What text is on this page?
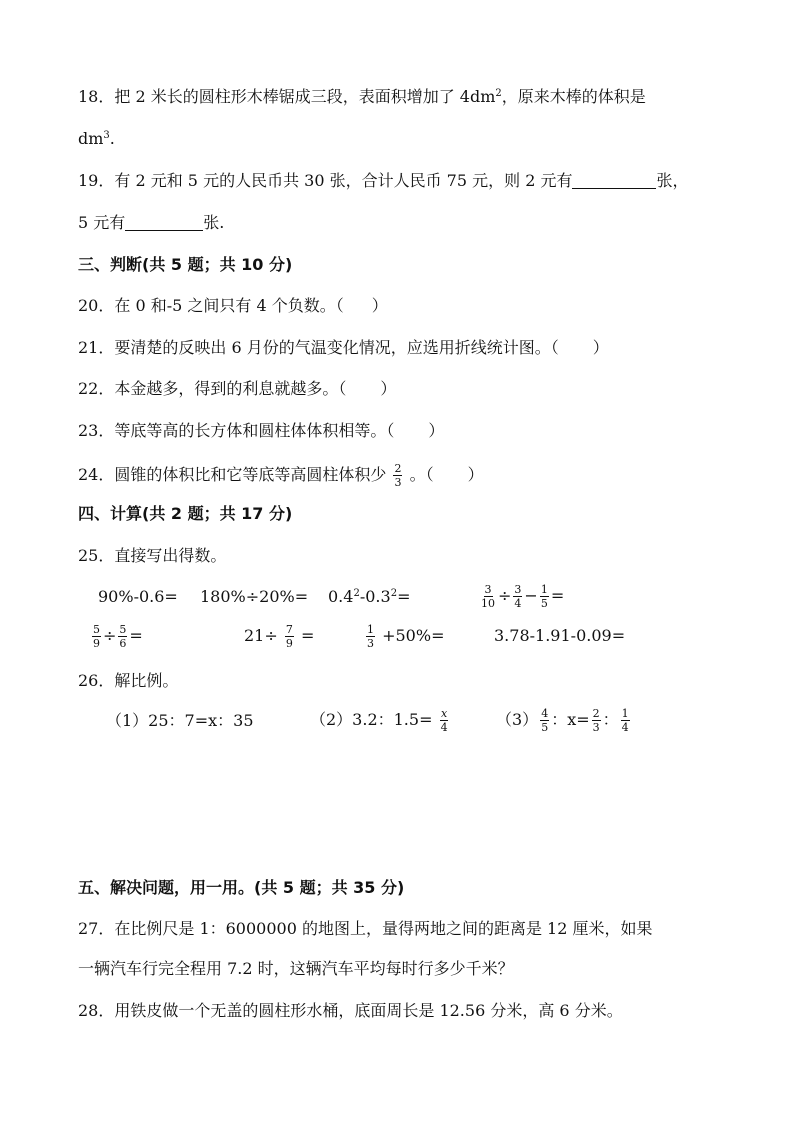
18．把 2 米长的圆柱形木棒锯成三段，表面积增加了 $4dm^2$，原来木棒的体积是
$dm^3$.
19．有 2 元和 5 元的人民币共 30 张，合计人民币 75 元，则 2 元有	张，
5 元有	张.
三、判断(共 5 题；共 10 分)
20．在 0 和-5 之间只有 4 个负数。（ ）
21．要清楚的反映出 6 月份的气温变化情况，应选用折线统计图。（ ）
22．本金越多，得到的利息就越多。（ ）
23．等底等高的长方体和圆柱体体积相等。（ ）
24．圆锥的体积比和它等底等高圆柱体积少 $\frac{2}{3}$ 。（ ）
四、计算(共 2 题；共 17 分)
25．直接写出得数。
$90\%-0.6= 180\%\div 20\%= 0.4^2-0.3^2=$	$\frac{3}{10} \div \frac{3}{4} - \frac{1}{5}$ =
$\frac{5}{9} \div \frac{5}{6}$ =	$21\div \frac{7}{9}$ =	$\frac{1}{3} +50\%=$	3.78-1.91-0.09=
26．解比例。
（1）25：7=x：35	（2）3.2：$1.5= \frac{x}{4}$	$(3) \frac{4}{5}$ ：$x= \frac{2}{3}$ ： $\frac{1}{4}$
五、解决问题，用一用。(共 5 题；共 35 分)
27．在比例尺是 1：6000000 的地图上，量得两地之间的距离是 12 厘米，如果
一辆汽车行完全程用 7.2 时，这辆汽车平均每时行多少千米？
28．用铁皮做一个无盖的圆柱形水桶，底面周长是 12.56 分米，高 6 分米。
